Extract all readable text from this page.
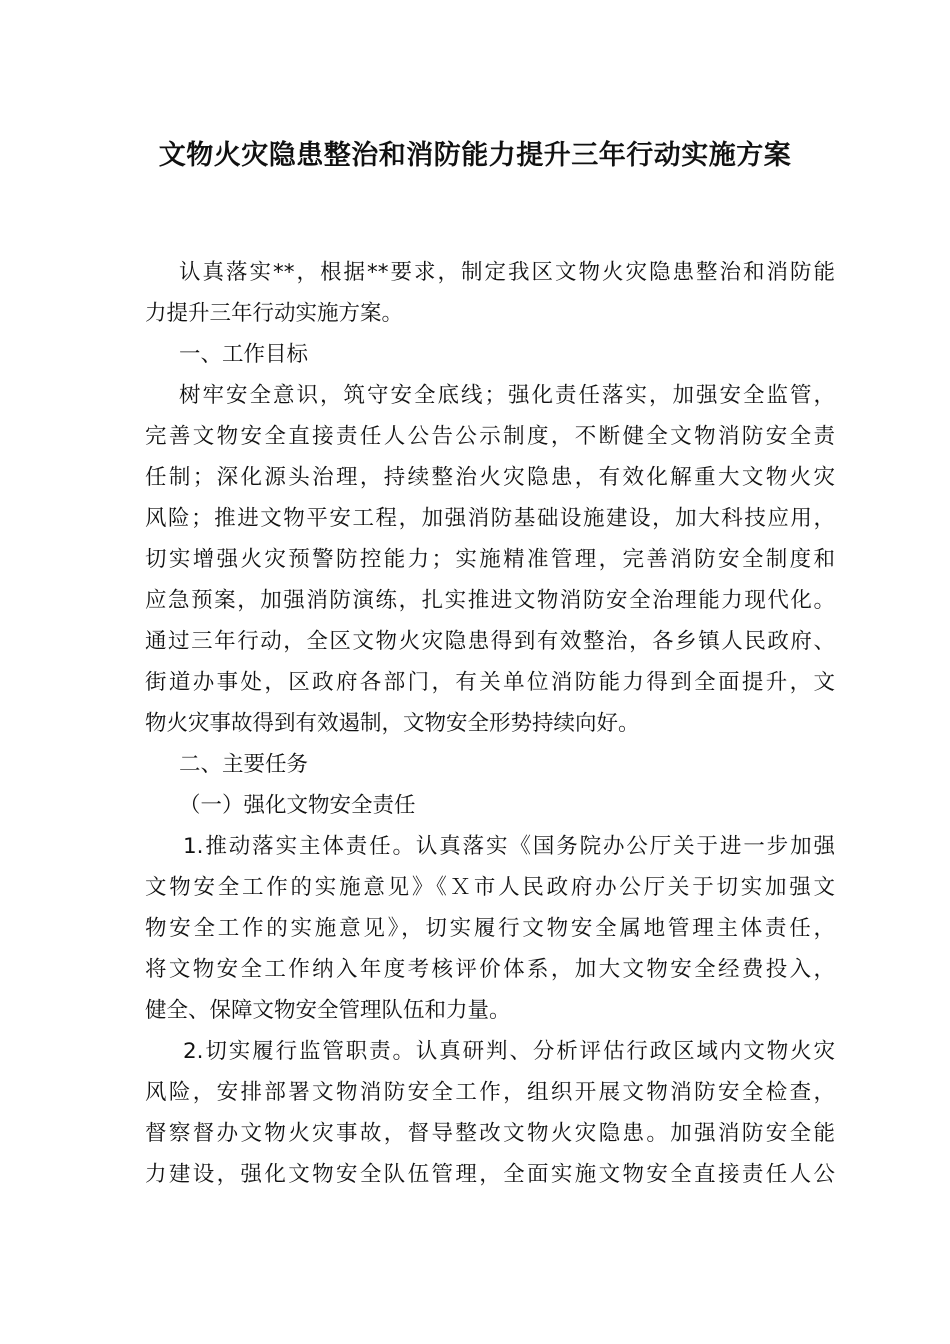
文物火灾隐患整治和消防能力提升三年行动实施方案
认真落实**，根据**要求，制定我区文物火灾隐患整治和消防能
力提升三年行动实施方案。
一、工作目标
树牢安全意识，筑守安全底线；强化责任落实，加强安全监管，
完善文物安全直接责任人公告公示制度，不断健全文物消防安全责
任制；深化源头治理，持续整治火灾隐患，有效化解重大文物火灾
风险；推进文物平安工程，加强消防基础设施建设，加大科技应用，
切实增强火灾预警防控能力；实施精准管理，完善消防安全制度和
应急预案，加强消防演练，扎实推进文物消防安全治理能力现代化。
通过三年行动，全区文物火灾隐患得到有效整治，各乡镇人民政府、
街道办事处，区政府各部门，有关单位消防能力得到全面提升，文
物火灾事故得到有效遏制，文物安全形势持续向好。
二、主要任务
（一）强化文物安全责任
1.推动落实主体责任。认真落实《国务院办公厅关于进一步加强
文物安全工作的实施意见》《Ｘ市人民政府办公厅关于切实加强文
物安全工作的实施意见》，切实履行文物安全属地管理主体责任，
将文物安全工作纳入年度考核评价体系，加大文物安全经费投入，
健全、保障文物安全管理队伍和力量。
2.切实履行监管职责。认真研判、分析评估行政区域内文物火灾
风险，安排部署文物消防安全工作，组织开展文物消防安全检查，
督察督办文物火灾事故，督导整改文物火灾隐患。加强消防安全能
力建设，强化文物安全队伍管理，全面实施文物安全直接责任人公
